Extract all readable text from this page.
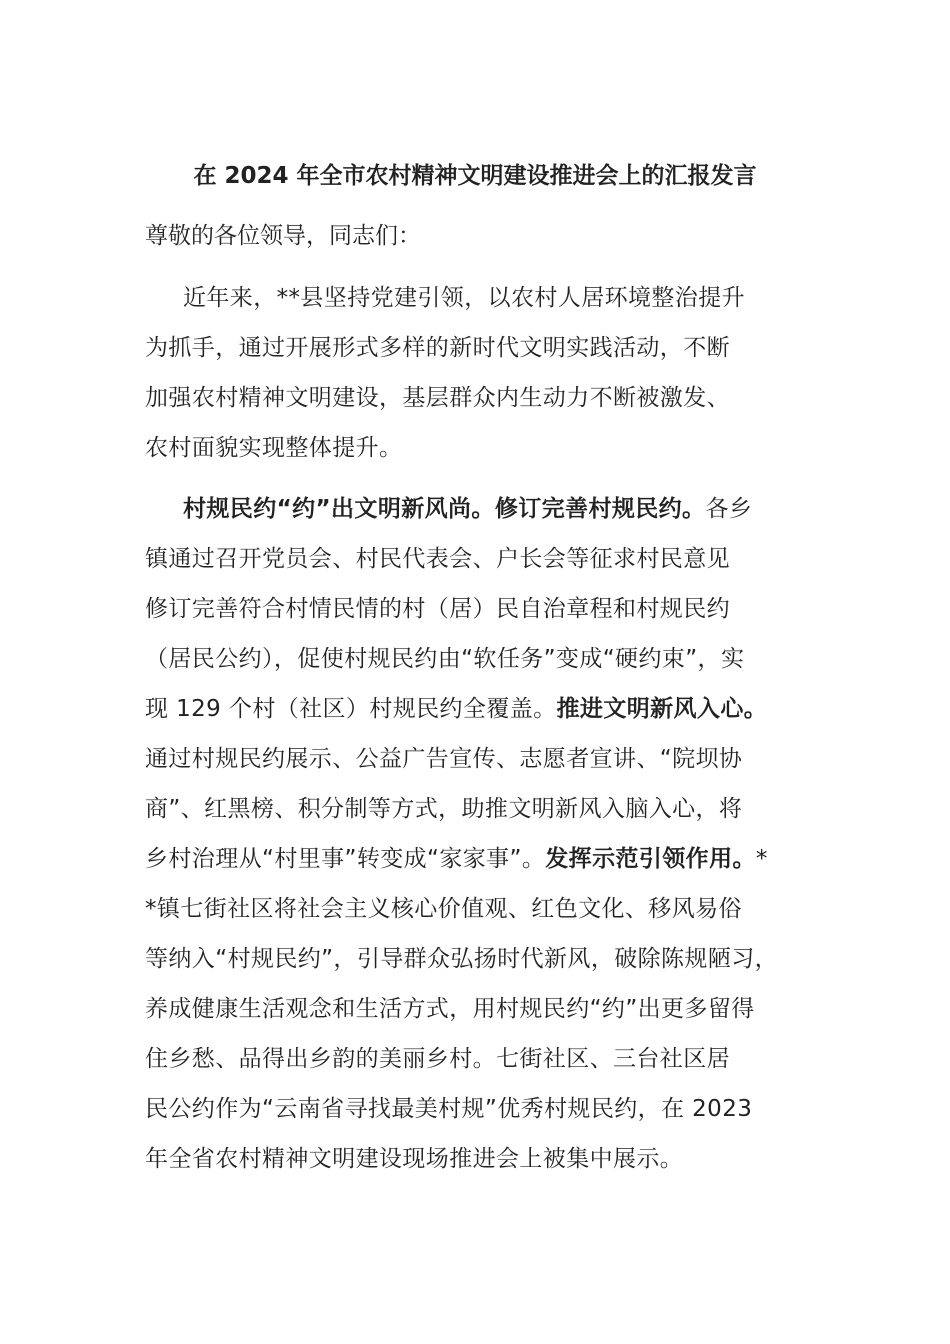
在 2024 年全市农村精神文明建设推进会上的汇报发言
尊敬的各位领导，同志们：
近年来，**县坚持党建引领，以农村人居环境整治提升
为抓手，通过开展形式多样的新时代文明实践活动，不断
加强农村精神文明建设，基层群众内生动力不断被激发、
农村面貌实现整体提升。
村规民约“约”出文明新风尚。修订完善村规民约。各乡
镇通过召开党员会、村民代表会、户长会等征求村民意见
修订完善符合村情民情的村（居）民自治章程和村规民约
（居民公约），促使村规民约由“软任务”变成“硬约束”，实
现 129 个村（社区）村规民约全覆盖。推进文明新风入心。
通过村规民约展示、公益广告宣传、志愿者宣讲、“院坝协
商”、红黑榜、积分制等方式，助推文明新风入脑入心，将
乡村治理从“村里事”转变成“家家事”。发挥示范引领作用。*
*镇七街社区将社会主义核心价值观、红色文化、移风易俗
等纳入“村规民约”，引导群众弘扬时代新风，破除陈规陋习，
养成健康生活观念和生活方式，用村规民约“约”出更多留得
住乡愁、品得出乡韵的美丽乡村。七街社区、三台社区居
民公约作为“云南省寻找最美村规”优秀村规民约，在 2023
年全省农村精神文明建设现场推进会上被集中展示。
